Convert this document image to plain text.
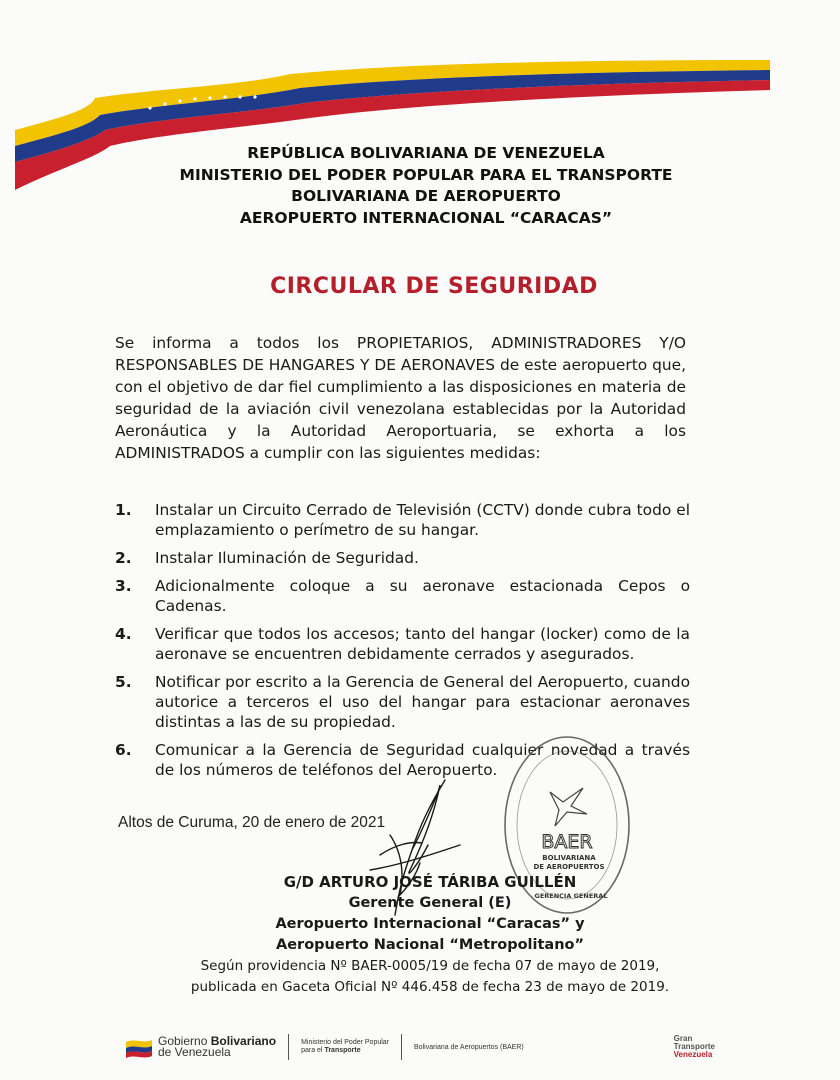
REPÚBLICA BOLIVARIANA DE VENEZUELA
MINISTERIO DEL PODER POPULAR PARA EL TRANSPORTE
BOLIVARIANA DE AEROPUERTO
AEROPUERTO INTERNACIONAL “CARACAS”
CIRCULAR DE SEGURIDAD
Se informa a todos los PROPIETARIOS, ADMINISTRADORES Y/O RESPONSABLES DE HANGARES Y DE AERONAVES de este aeropuerto que, con el objetivo de dar fiel cumplimiento a las disposiciones en materia de seguridad de la aviación civil venezolana establecidas por la Autoridad Aeronáutica y la Autoridad Aeroportuaria, se exhorta a los ADMINISTRADOS a cumplir con las siguientes medidas:
1.	Instalar un Circuito Cerrado de Televisión (CCTV) donde cubra todo el emplazamiento o perímetro de su hangar.
2.	Instalar Iluminación de Seguridad.
3.	Adicionalmente coloque a su aeronave estacionada Cepos o Cadenas.
4.	Verificar que todos los accesos; tanto del hangar (locker) como de la aeronave se encuentren debidamente cerrados y asegurados.
5.	Notificar por escrito a la Gerencia de General del Aeropuerto, cuando autorice a terceros el uso del hangar para estacionar aeronaves distintas a las de su propiedad.
6.	Comunicar a la Gerencia de Seguridad cualquier novedad a través de los números de teléfonos del Aeropuerto.
Altos de Curuma, 20 de enero de 2021
BAER
BOLIVARIANA
DE AEROPUERTOS
GERENCIA GENERAL
G/D ARTURO JOSÉ TÁRIBA GUILLÉN
Gerente General (E)
Aeropuerto Internacional “Caracas” y
Aeropuerto Nacional “Metropolitano”
Según providencia Nº BAER-0005/19 de fecha 07 de mayo de 2019,
publicada en Gaceta Oficial Nº 446.458 de fecha 23 de mayo de 2019.
Gobierno Bolivariano
de Venezuela
Ministerio del Poder Popular
para el Transporte	Bolivariana de Aeropuertos (BAER)
Gran
Transporte
Venezuela
